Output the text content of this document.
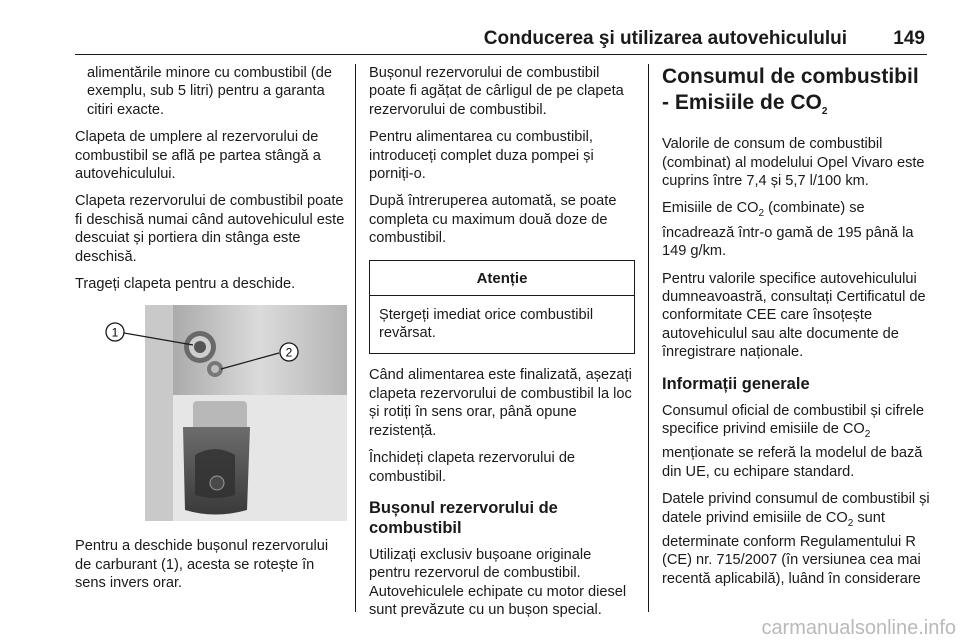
Conducerea şi utilizarea autovehiculului 149

alimentările minore cu combustibil (de exemplu, sub 5 litri) pentru a garanta citiri exacte.

Clapeta de umplere al rezervorului de combustibil se află pe partea stângă a autovehiculului.

Clapeta rezervorului de combustibil poate fi deschisă numai când autovehiculul este descuiat și portiera din stânga este deschisă.

Trageți clapeta pentru a deschide.

1
2

Pentru a deschide bușonul rezervorului de carburant (1), acesta se rotește în sens invers orar.

Bușonul rezervorului de combustibil poate fi agățat de cârligul de pe clapeta rezervorului de combustibil.

Pentru alimentarea cu combustibil, introduceți complet duza pompei și porniți-o.

După întreruperea automată, se poate completa cu maximum două doze de combustibil.

Atenție

Ștergeți imediat orice combustibil revărsat.

Când alimentarea este finalizată, așezați clapeta rezervorului de combustibil la loc și rotiți în sens orar, până opune rezistență.

Închideți clapeta rezervorului de combustibil.

Bușonul rezervorului de combustibil

Utilizați exclusiv bușoane originale pentru rezervorul de combustibil. Autovehiculele echipate cu motor diesel sunt prevăzute cu un bușon special.

Consumul de combustibil - Emisiile de $CO_2$

Valorile de consum de combustibil (combinat) al modelului Opel Vivaro este cuprins între 7,4 și 5,7 l/100 km.

Emisiile de $CO_2$ (combinate) se încadrează într-o gamă de 195 până la 149 g/km.

Pentru valorile specifice autovehiculului dumneavoastră, consultați Certificatul de conformitate CEE care însoțește autovehiculul sau alte documente de înregistrare naționale.

Informații generale

Consumul oficial de combustibil și cifrele specifice privind emisiile de $CO_2$ menționate se referă la modelul de bază din UE, cu echipare standard.

Datele privind consumul de combustibil și datele privind emisiile de $CO_2$ sunt determinate conform Regulamentului R (CE) nr. 715/2007 (în versiunea cea mai recentă aplicabilă), luând în considerare

carmanualsonline.info
